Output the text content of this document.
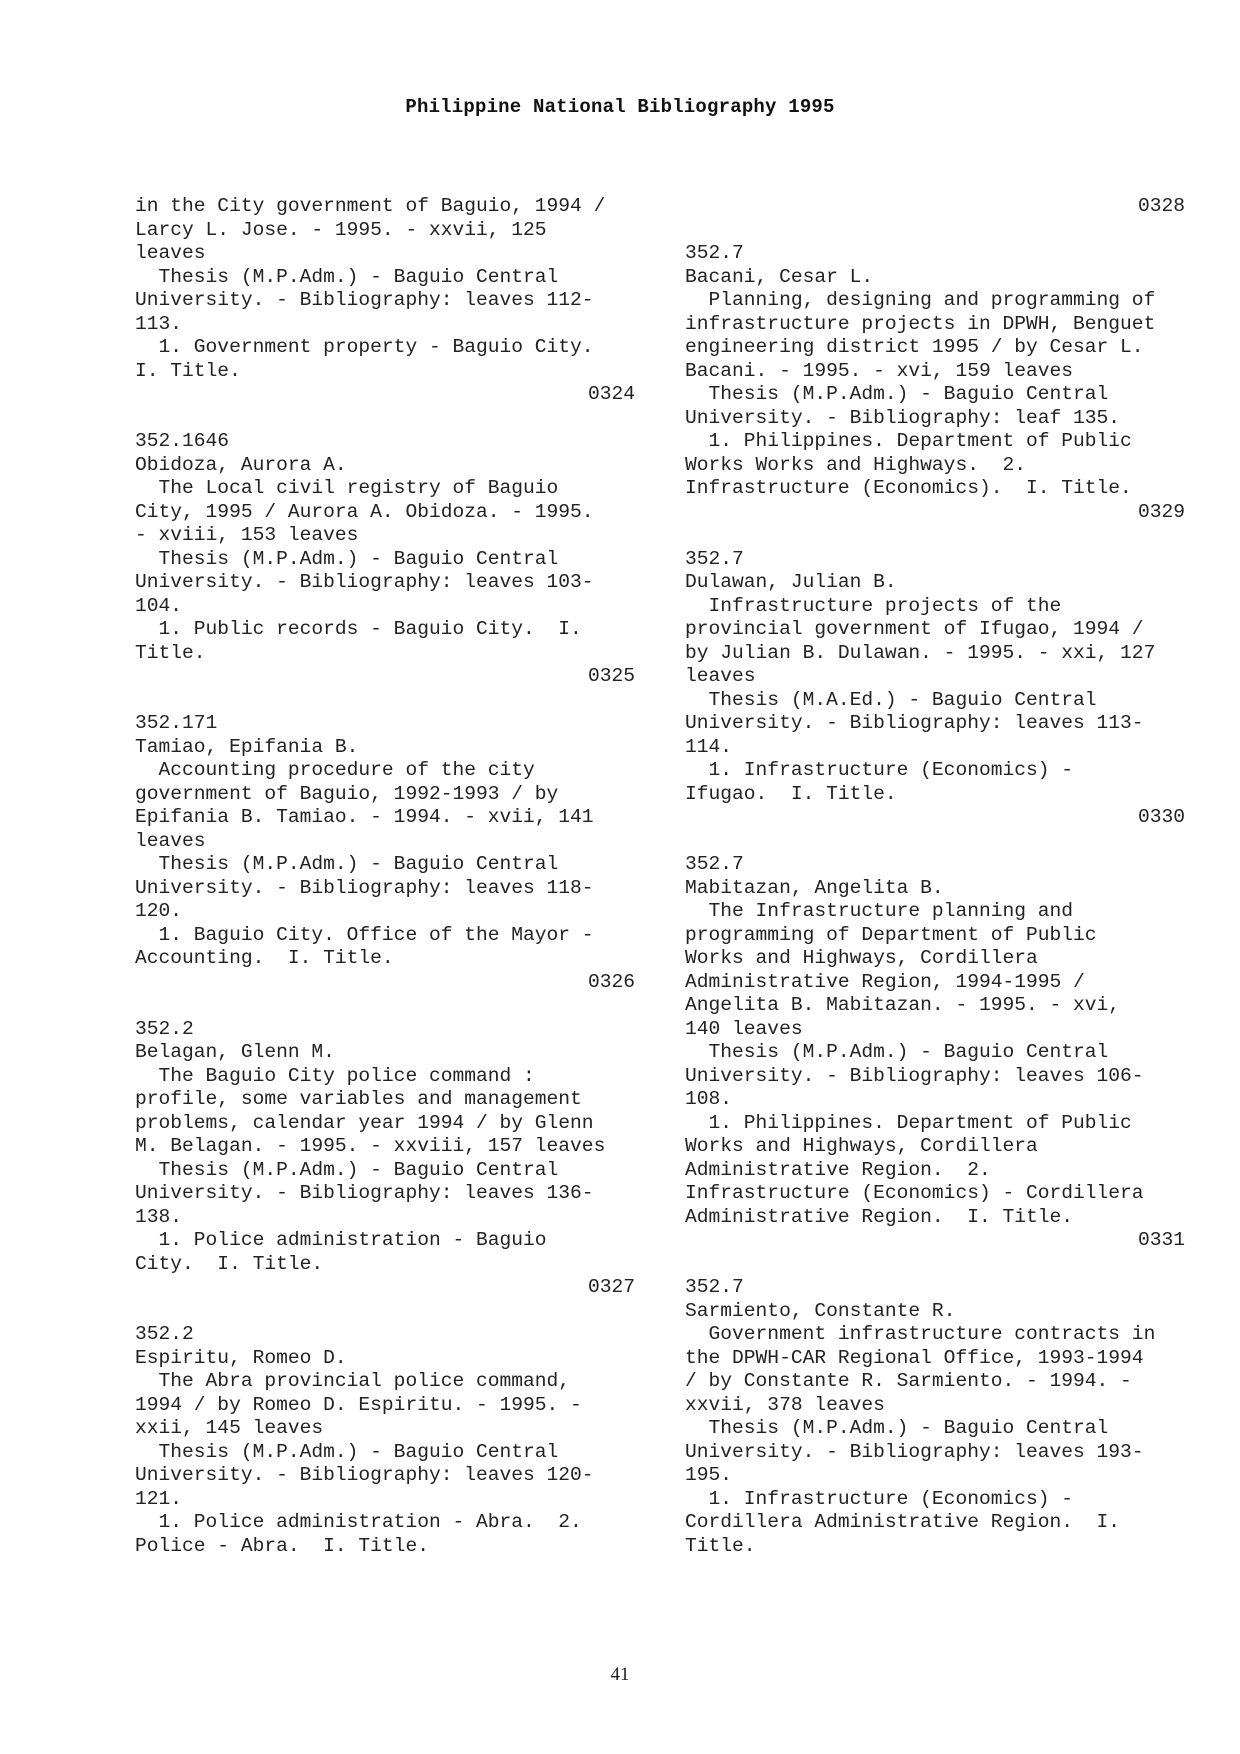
Philippine National Bibliography 1995
in the City government of Baguio, 1994 /
Larcy L. Jose. - 1995. - xxvii, 125
leaves
Thesis (M.P.Adm.) - Baguio Central
University. - Bibliography: leaves 112-
113.
1. Government property - Baguio City.
I. Title.
0324
352.1646
Obidoza, Aurora A.
The Local civil registry of Baguio
City, 1995 / Aurora A. Obidoza. - 1995.
- xviii, 153 leaves
Thesis (M.P.Adm.) - Baguio Central
University. - Bibliography: leaves 103-
104.
1. Public records - Baguio City.  I.
Title.
0325
352.171
Tamiao, Epifania B.
Accounting procedure of the city
government of Baguio, 1992-1993 / by
Epifania B. Tamiao. - 1994. - xvii, 141
leaves
Thesis (M.P.Adm.) - Baguio Central
University. - Bibliography: leaves 118-
120.
1. Baguio City. Office of the Mayor -
Accounting.  I. Title.
0326
352.2
Belagan, Glenn M.
The Baguio City police command :
profile, some variables and management
problems, calendar year 1994 / by Glenn
M. Belagan. - 1995. - xxviii, 157 leaves
Thesis (M.P.Adm.) - Baguio Central
University. - Bibliography: leaves 136-
138.
1. Police administration - Baguio
City.  I. Title.
0327
352.2
Espiritu, Romeo D.
The Abra provincial police command,
1994 / by Romeo D. Espiritu. - 1995. -
xxii, 145 leaves
Thesis (M.P.Adm.) - Baguio Central
University. - Bibliography: leaves 120-
121.
1. Police administration - Abra.  2.
Police - Abra.  I. Title.
0328
352.7
Bacani, Cesar L.
Planning, designing and programming of
infrastructure projects in DPWH, Benguet
engineering district 1995 / by Cesar L.
Bacani. - 1995. - xvi, 159 leaves
Thesis (M.P.Adm.) - Baguio Central
University. - Bibliography: leaf 135.
1. Philippines. Department of Public
Works Works and Highways.  2.
Infrastructure (Economics).  I. Title.
0329
352.7
Dulawan, Julian B.
Infrastructure projects of the
provincial government of Ifugao, 1994 /
by Julian B. Dulawan. - 1995. - xxi, 127
leaves
Thesis (M.A.Ed.) - Baguio Central
University. - Bibliography: leaves 113-
114.
1. Infrastructure (Economics) -
Ifugao.  I. Title.
0330
352.7
Mabitazan, Angelita B.
The Infrastructure planning and
programming of Department of Public
Works and Highways, Cordillera
Administrative Region, 1994-1995 /
Angelita B. Mabitazan. - 1995. - xvi,
140 leaves
Thesis (M.P.Adm.) - Baguio Central
University. - Bibliography: leaves 106-
108.
1. Philippines. Department of Public
Works and Highways, Cordillera
Administrative Region.  2.
Infrastructure (Economics) - Cordillera
Administrative Region.  I. Title.
0331
352.7
Sarmiento, Constante R.
Government infrastructure contracts in
the DPWH-CAR Regional Office, 1993-1994
/ by Constante R. Sarmiento. - 1994. -
xxvii, 378 leaves
Thesis (M.P.Adm.) - Baguio Central
University. - Bibliography: leaves 193-
195.
1. Infrastructure (Economics) -
Cordillera Administrative Region.  I.
Title.
41
